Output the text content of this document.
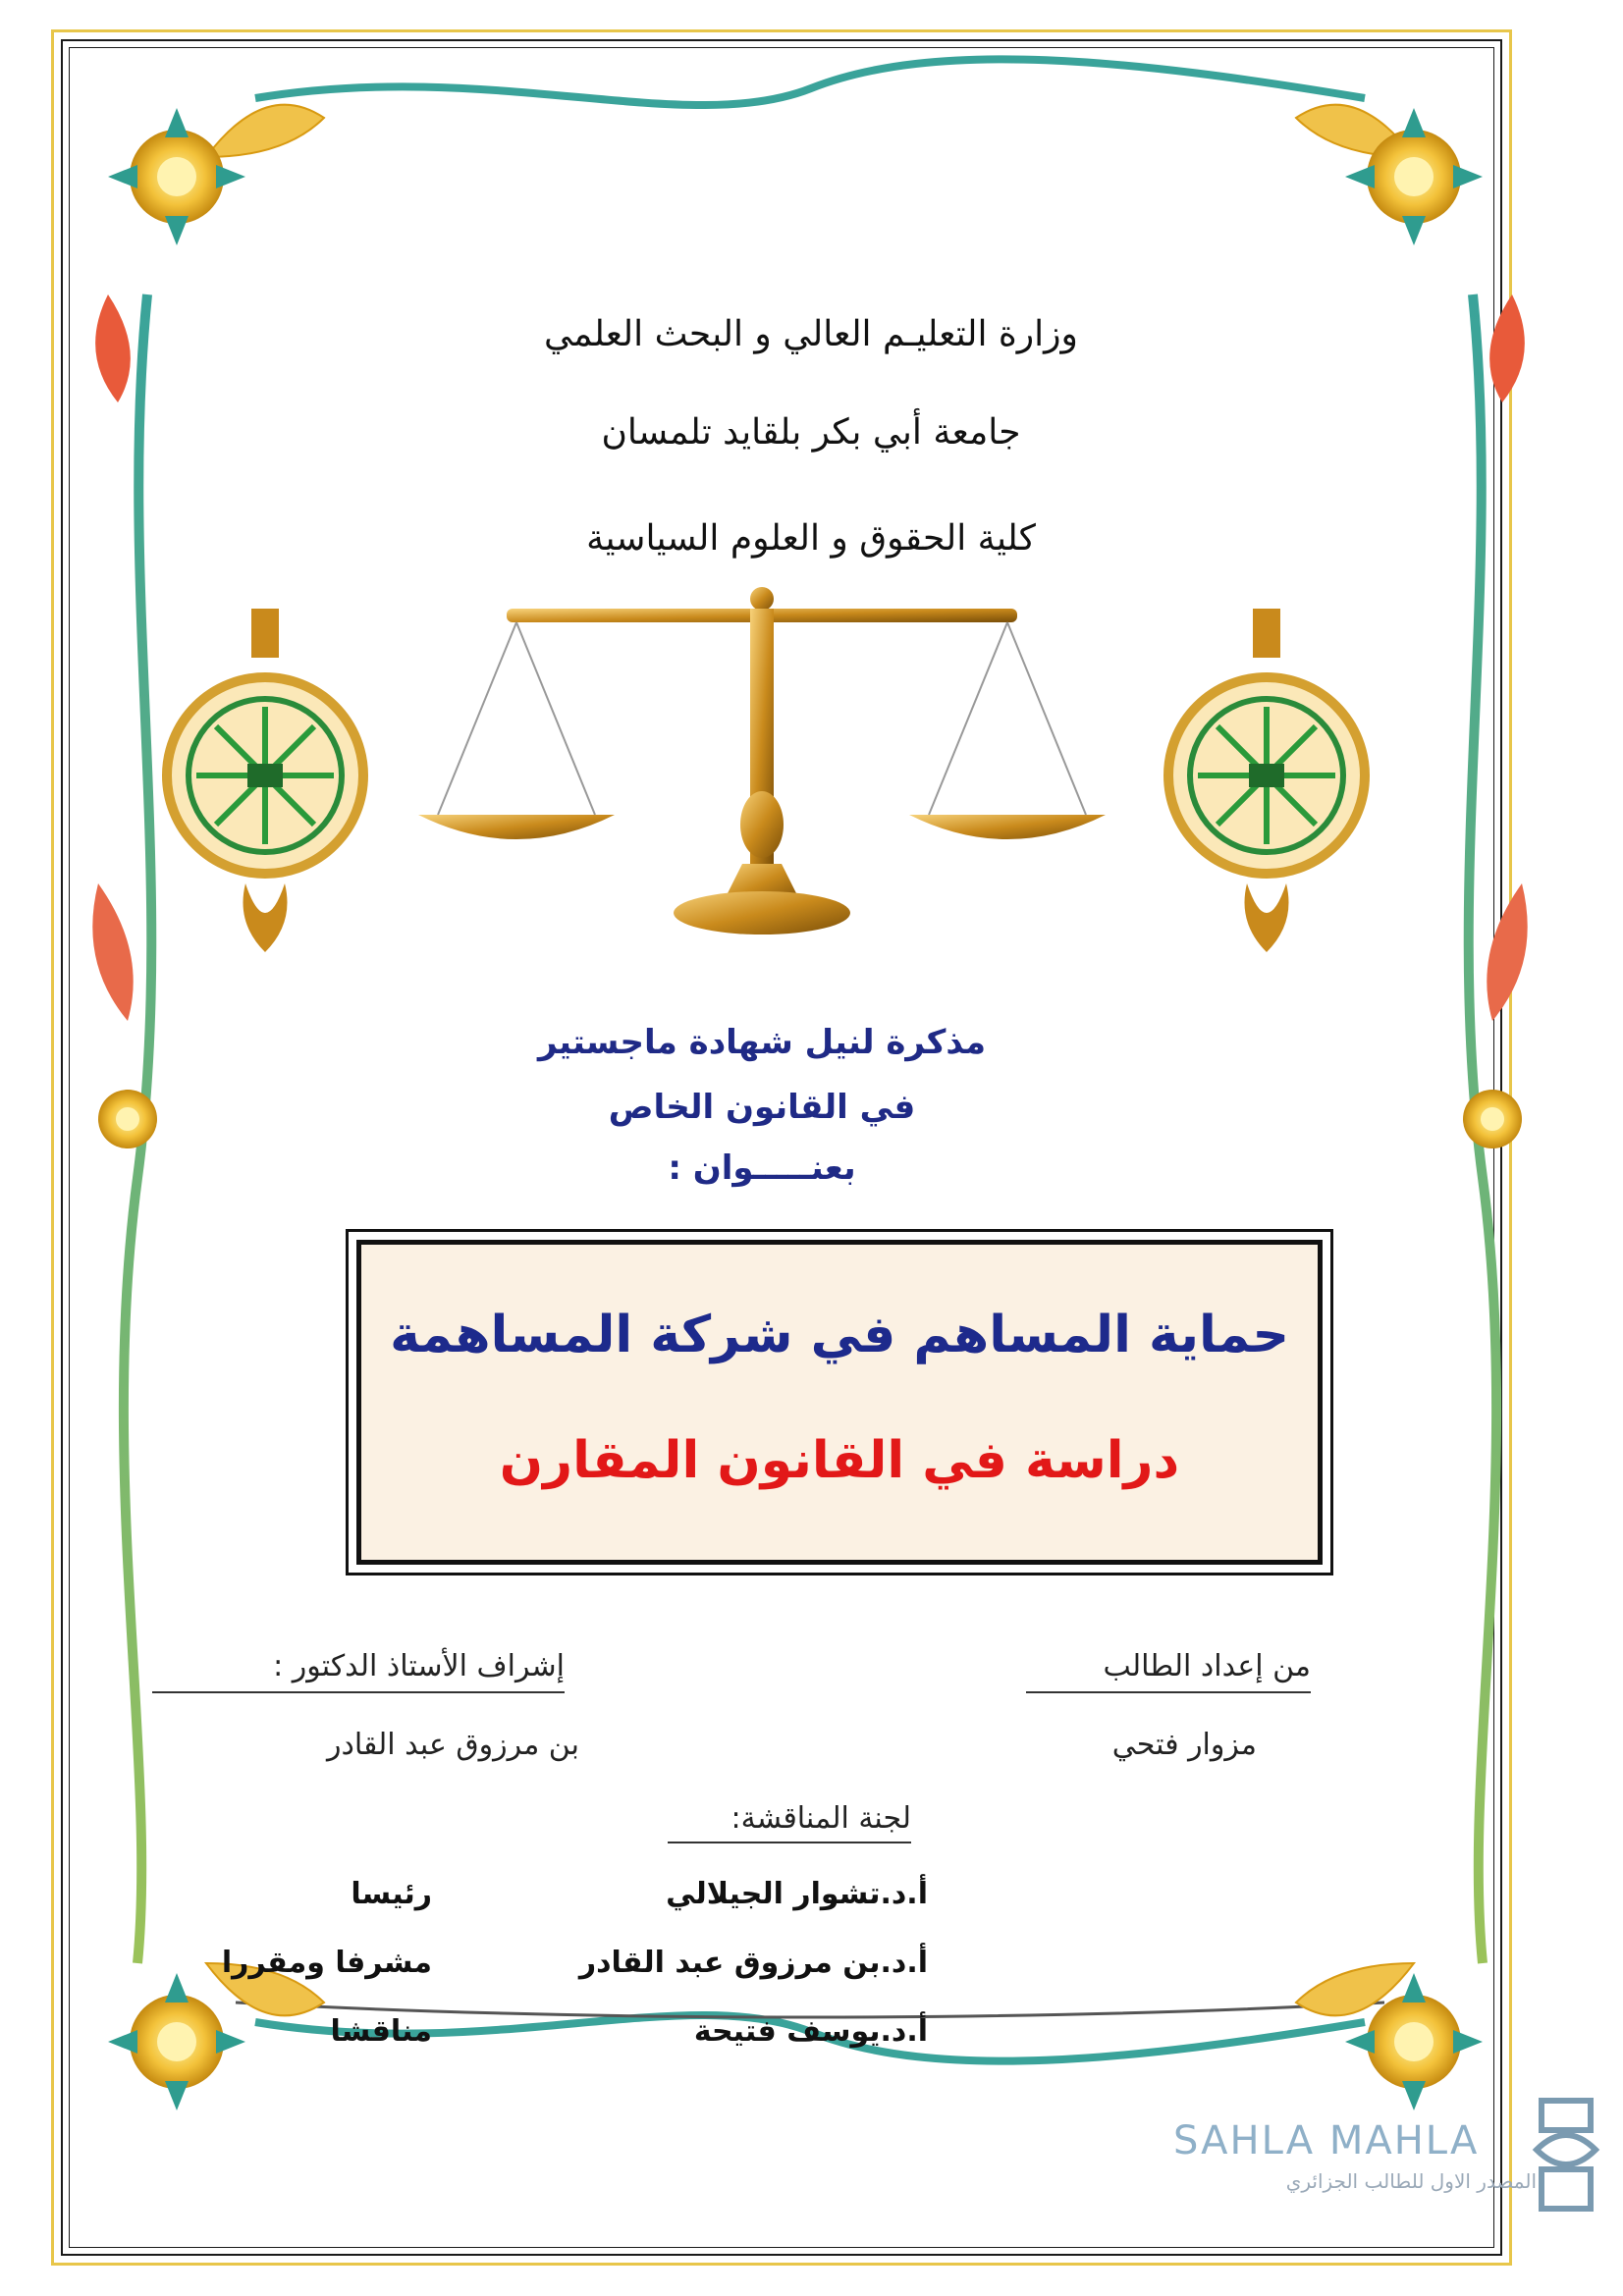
وزارة التعليـم العالي و البحث العلمي
جامعة أبي بكر بلقايد تلمسان
كلية الحقوق و العلوم السياسية
مذكرة لنيل شهادة ماجستير
في القانون الخاص
بعنـــــوان :
حماية المساهم في شركة المساهمة
دراسة في القانون المقارن
من إعداد الطالب
مزوار فتحي
إشراف الأستاذ الدكتور :
بن مرزوق عبد القادر
لجنة المناقشة:
أ.د.تشوار الجيلالي
رئيسا
أ.د.بن مرزوق عبد القادر
مشرفا ومقررا
أ.د.يوسف فتيحة
مناقشا
SAHLA MAHLA
المصدر الاول للطالب الجزائري
